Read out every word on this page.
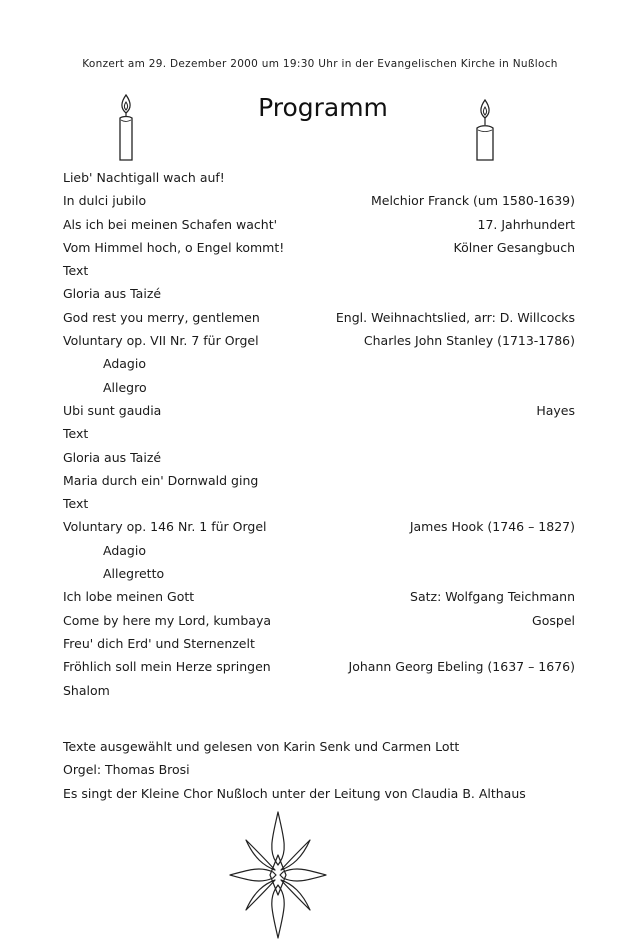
Konzert am 29. Dezember 2000 um 19:30 Uhr in der Evangelischen Kirche in Nußloch
Programm
Lieb' Nachtigall wach auf!
In dulci jubilo	Melchior Franck (um 1580-1639)
Als ich bei meinen Schafen wacht'	17. Jahrhundert
Vom Himmel hoch, o Engel kommt!	Kölner Gesangbuch
Text
Gloria aus Taizé
God rest you merry, gentlemen	Engl. Weihnachtslied, arr: D. Willcocks
Voluntary op. VII Nr. 7 für Orgel	Charles John Stanley (1713-1786)
Adagio
Allegro
Ubi sunt gaudia	Hayes
Text
Gloria aus Taizé
Maria durch ein' Dornwald ging
Text
Voluntary op. 146 Nr. 1 für Orgel	James Hook (1746 – 1827)
Adagio
Allegretto
Ich lobe meinen Gott	Satz: Wolfgang Teichmann
Come by here my Lord, kumbaya	Gospel
Freu' dich Erd' und Sternenzelt
Fröhlich soll mein Herze springen	Johann Georg Ebeling (1637 – 1676)
Shalom
Texte ausgewählt und gelesen von Karin Senk und Carmen Lott
Orgel: Thomas Brosi
Es singt der Kleine Chor Nußloch unter der Leitung von Claudia B. Althaus
